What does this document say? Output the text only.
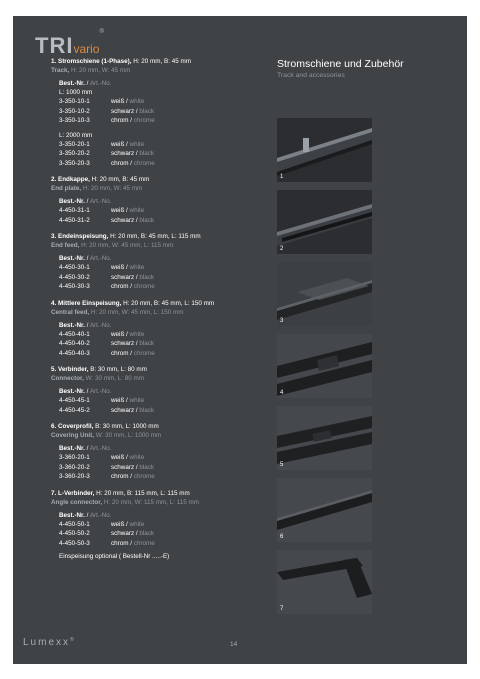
TRIvario®
1. Stromschiene (1-Phase), H: 20 mm, B: 45 mm
Track, H: 20 mm, W: 45 mm
Best.-Nr. / Art.-No.
L: 1000 mm
3-350-10-1	weiß / white
3-350-10-2	schwarz / black
3-350-10-3	chrom / chrome
L: 2000 mm
3-350-20-1	weiß / white
3-350-20-2	schwarz / black
3-350-20-3	chrom / chrome
2. Endkappe, H: 20 mm, B: 45 mm
End plate, H: 20 mm, W: 45 mm
Best.-Nr. / Art.-No.
4-450-31-1	weiß / white
4-450-31-2	schwarz / black
3. Endeinspeisung, H: 20 mm, B: 45 mm, L: 115 mm
End feed, H: 20 mm, W: 45 mm, L: 115 mm
Best.-Nr. / Art.-No.
4-450-30-1	weiß / white
4-450-30-2	schwarz / black
4-450-30-3	chrom / chrome
4. Mittlere Einspeisung, H: 20 mm, B: 45 mm, L: 150 mm
Central feed, H: 20 mm, W: 45 mm, L: 150 mm
Best.-Nr. / Art.-No.
4-450-40-1	weiß / white
4-450-40-2	schwarz / black
4-450-40-3	chrom / chrome
5. Verbinder, B: 30 mm, L: 80 mm
Connector, W: 30 mm, L: 80 mm
Best.-Nr. / Art.-No.
4-450-45-1	weiß / white
4-450-45-2	schwarz / black
6. Coverprofil, B: 30 mm, L: 1000 mm
Covering Unit, W: 30 mm, L: 1000 mm
Best.-Nr. / Art.-No.
3-360-20-1	weiß / white
3-360-20-2	schwarz / black
3-360-20-3	chrom / chrome
7. L-Verbinder, H: 20 mm, B: 115 mm, L: 115 mm
Angle connector, H: 20 mm, W: 115 mm, L: 115 mm
Best.-Nr. / Art.-No.
4-450-50-1	weiß / white
4-450-50-2	schwarz / black
4-450-50-3	chrom / chrome
Einspeisung optional ( Bestell-Nr .....-E)
Stromschiene und Zubehör
Track and accessories
1
2
3
4
5
6
7
Lumexx®
14
